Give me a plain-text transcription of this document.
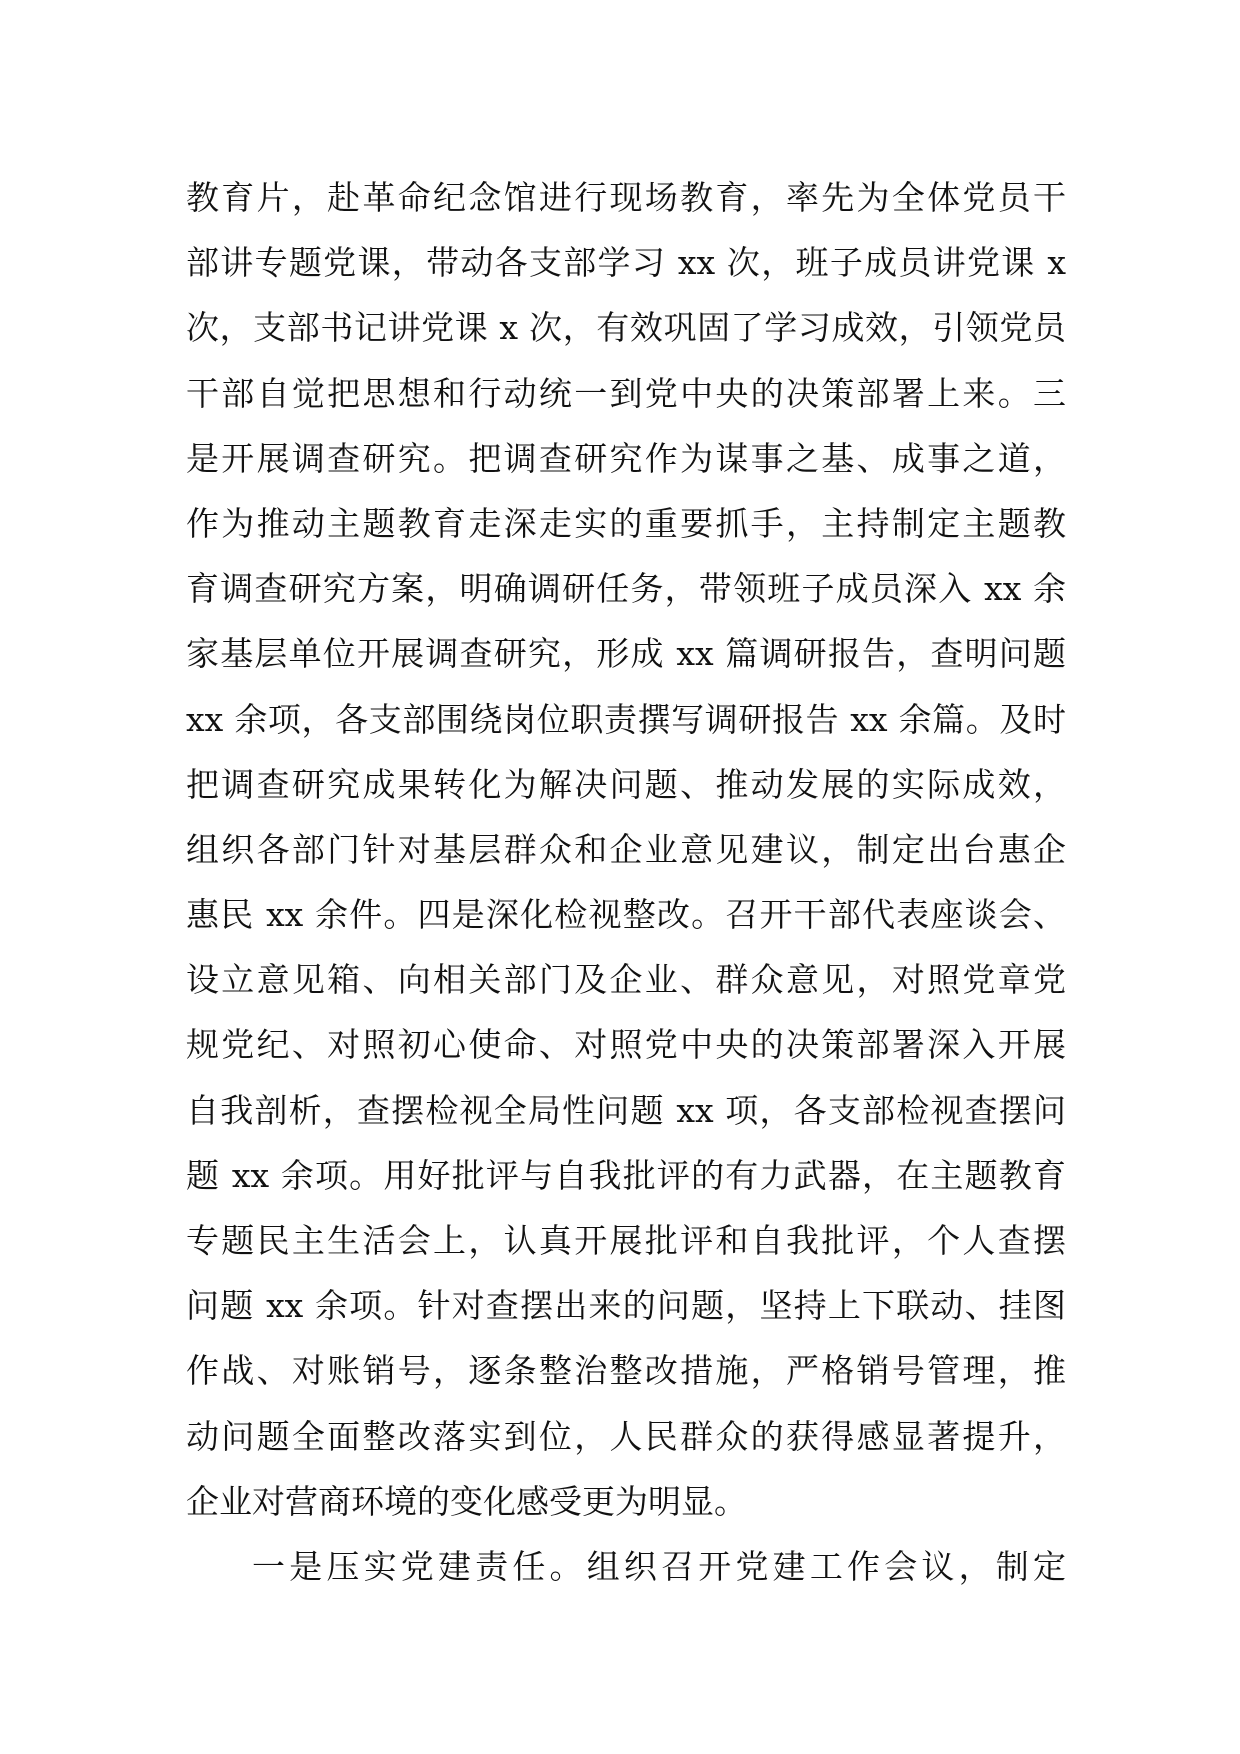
教育片，赴革命纪念馆进行现场教育，率先为全体党员干
部讲专题党课，带动各支部学习 xx 次，班子成员讲党课 x
次，支部书记讲党课 x 次，有效巩固了学习成效，引领党员
干部自觉把思想和行动统一到党中央的决策部署上来。三
是开展调查研究。把调查研究作为谋事之基、成事之道，
作为推动主题教育走深走实的重要抓手，主持制定主题教
育调查研究方案，明确调研任务，带领班子成员深入 xx 余
家基层单位开展调查研究，形成 xx 篇调研报告，查明问题
xx 余项，各支部围绕岗位职责撰写调研报告 xx 余篇。及时
把调查研究成果转化为解决问题、推动发展的实际成效，
组织各部门针对基层群众和企业意见建议，制定出台惠企
惠民 xx 余件。四是深化检视整改。召开干部代表座谈会、
设立意见箱、向相关部门及企业、群众意见，对照党章党
规党纪、对照初心使命、对照党中央的决策部署深入开展
自我剖析，查摆检视全局性问题 xx 项，各支部检视查摆问
题 xx 余项。用好批评与自我批评的有力武器，在主题教育
专题民主生活会上，认真开展批评和自我批评，个人查摆
问题 xx 余项。针对查摆出来的问题，坚持上下联动、挂图
作战、对账销号，逐条整治整改措施，严格销号管理，推
动问题全面整改落实到位，人民群众的获得感显著提升，
企业对营商环境的变化感受更为明显。
一是压实党建责任。组织召开党建工作会议，制定
